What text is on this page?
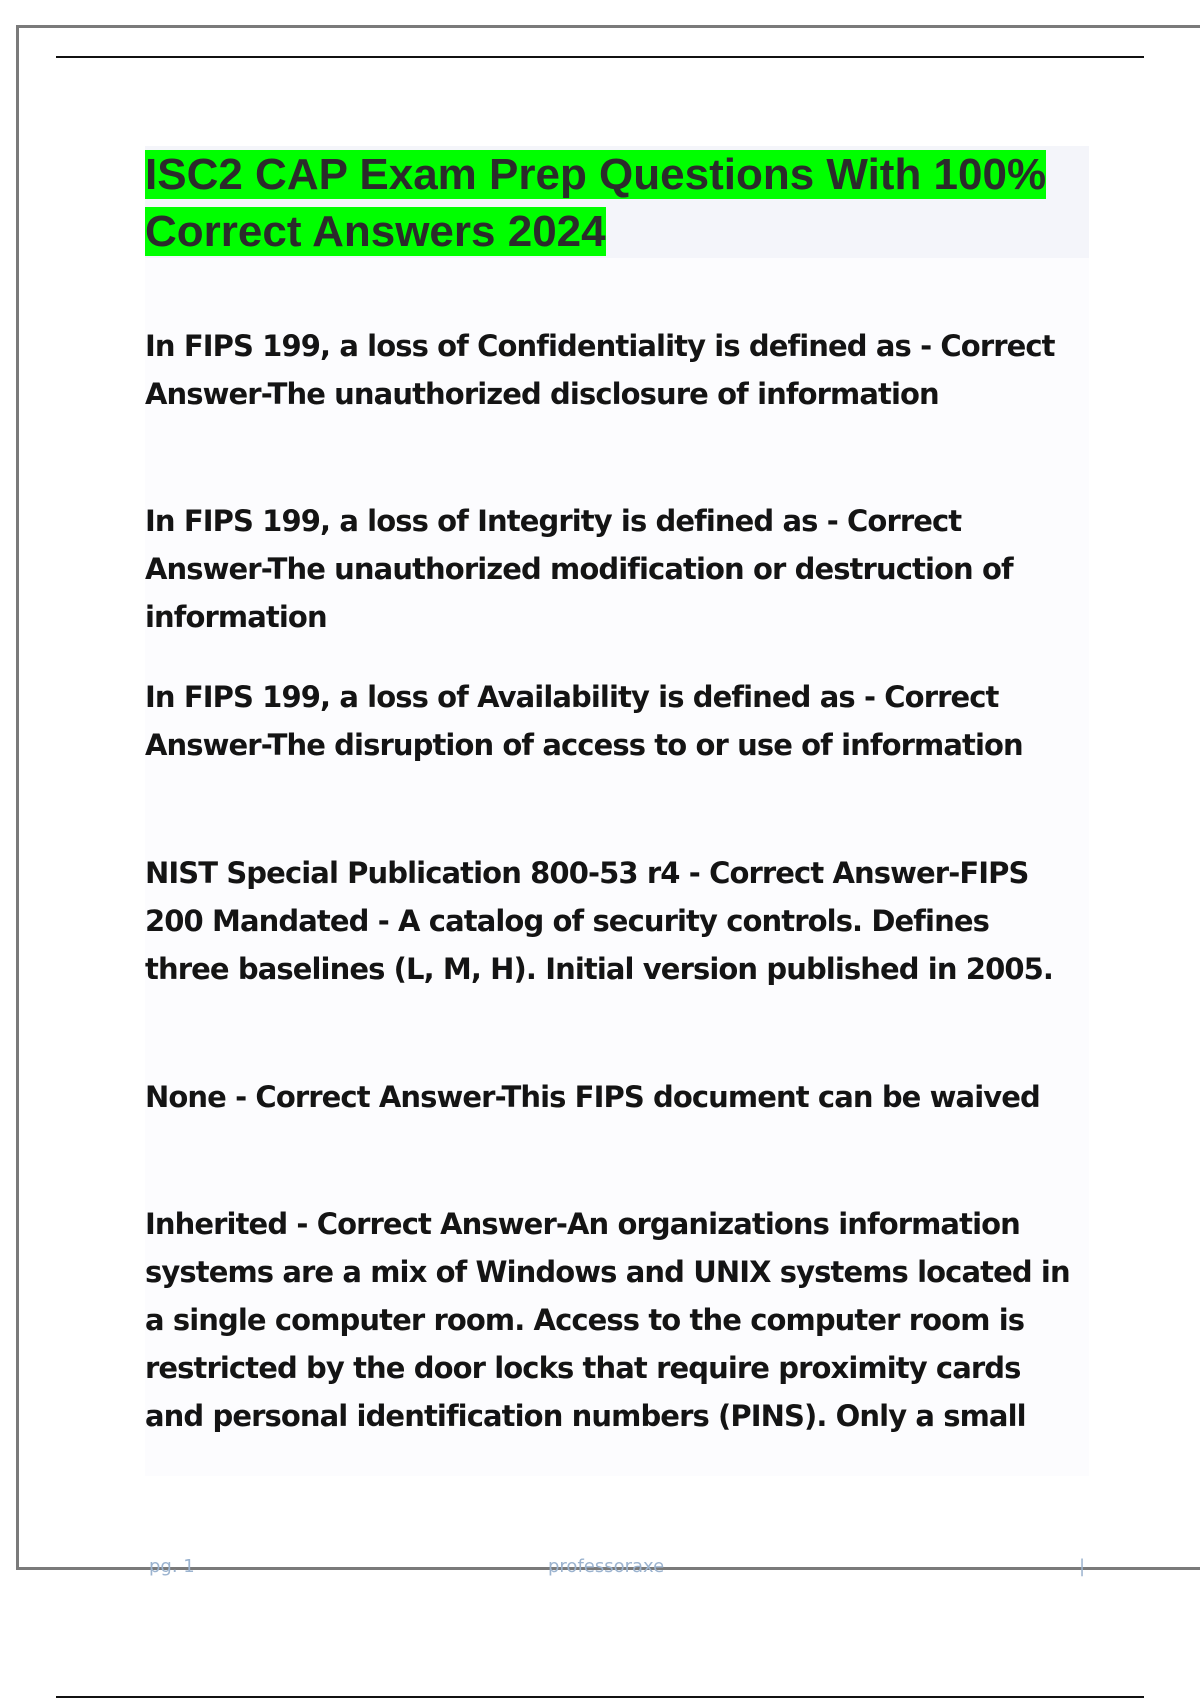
ISC2 CAP Exam Prep Questions With 100% Correct Answers 2024

In FIPS 199, a loss of Confidentiality is defined as - Correct Answer-The unauthorized disclosure of information

In FIPS 199, a loss of Integrity is defined as - Correct Answer-The unauthorized modification or destruction of information

In FIPS 199, a loss of Availability is defined as - Correct Answer-The disruption of access to or use of information

NIST Special Publication 800-53 r4 - Correct Answer-FIPS 200 Mandated - A catalog of security controls. Defines three baselines (L, M, H). Initial version published in 2005.

None - Correct Answer-This FIPS document can be waived

Inherited - Correct Answer-An organizations information systems are a mix of Windows and UNIX systems located in a single computer room. Access to the computer room is restricted by the door locks that require proximity cards and personal identification numbers (PINS). Only a small

pg. 1	professoraxe	|
